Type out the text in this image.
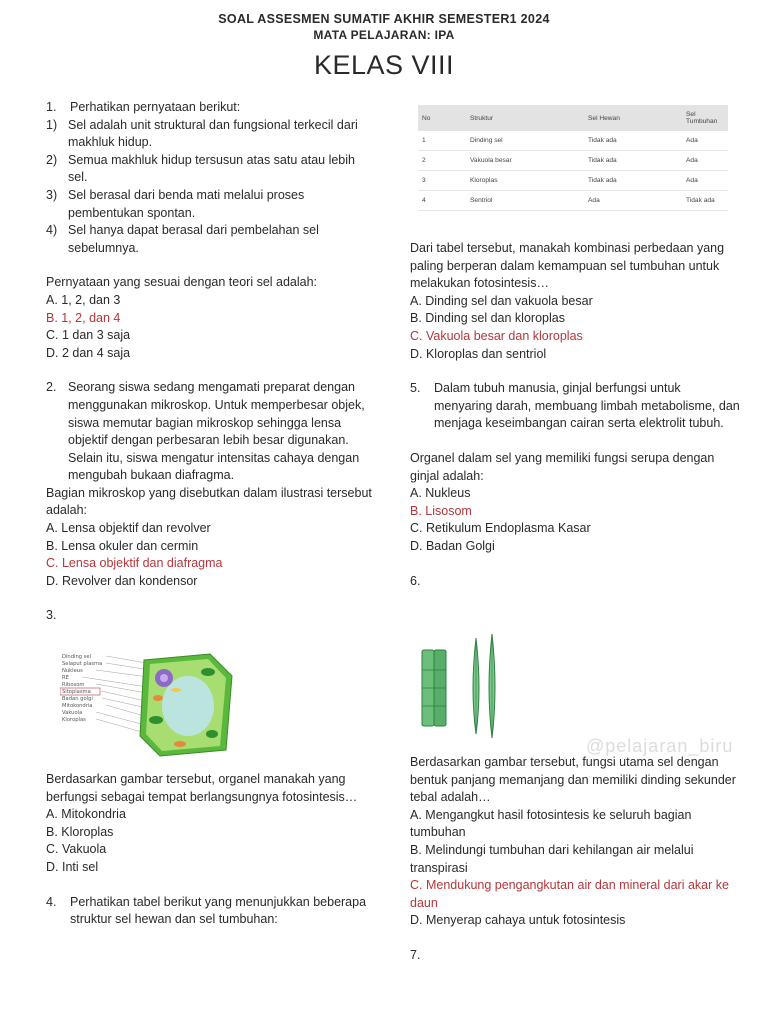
SOAL ASSESMEN SUMATIF AKHIR SEMESTER1 2024
MATA PELAJARAN: IPA
KELAS VIII
1.	Perhatikan pernyataan berikut:
1) Sel adalah unit struktural dan fungsional terkecil dari makhluk hidup.
2) Semua makhluk hidup tersusun atas satu atau lebih sel.
3) Sel berasal dari benda mati melalui proses pembentukan spontan.
4) Sel hanya dapat berasal dari pembelahan sel sebelumnya.

Pernyataan yang sesuai dengan teori sel adalah:

A. 1, 2, dan 3

B. 1, 2, dan 4

C. 1 dan 3 saja

D. 2 dan 4 saja

2. Seorang siswa sedang mengamati preparat dengan menggunakan mikroskop. Untuk memperbesar objek, siswa memutar bagian mikroskop sehingga lensa objektif dengan perbesaran lebih besar digunakan. Selain itu, siswa mengatur intensitas cahaya dengan mengubah bukaan diafragma.

Bagian mikroskop yang disebutkan dalam ilustrasi tersebut adalah:

A. Lensa objektif dan revolver

B. Lensa okuler dan cermin

C. Lensa objektif dan diafragma

D. Revolver dan kondensor

3.

Dinding sel
Selaput plasma
Nukleus
RE
Ribosom
Sitoplasma
Badan golgi
Mitokondria
Vakuola
Kloroplas

Berdasarkan gambar tersebut, organel manakah yang berfungsi sebagai tempat berlangsungnya fotosintesis…

A. Mitokondria

B. Kloroplas

C. Vakuola

D. Inti sel

4.	Perhatikan tabel berikut yang menunjukkan beberapa struktur sel hewan dan sel tumbuhan:
No	Struktur	Sel Hewan	Sel Tumbuhan
1	Dinding sel	Tidak ada	Ada
2	Vakuola besar	Tidak ada	Ada
3	Kloroplas	Tidak ada	Ada
4	Sentriol	Ada	Tidak ada

Dari tabel tersebut, manakah kombinasi perbedaan yang paling berperan dalam kemampuan sel tumbuhan untuk melakukan fotosintesis…

A. Dinding sel dan vakuola besar

B. Dinding sel dan kloroplas

C. Vakuola besar dan kloroplas

D. Kloroplas dan sentriol

5.	Dalam tubuh manusia, ginjal berfungsi untuk menyaring darah, membuang limbah metabolisme, dan menjaga keseimbangan cairan serta elektrolit tubuh.

Organel dalam sel yang memiliki fungsi serupa dengan ginjal adalah:

A. Nukleus

B. Lisosom

C. Retikulum Endoplasma Kasar

D. Badan Golgi

6.

@pelajaran_biru

Berdasarkan gambar tersebut, fungsi utama sel dengan bentuk panjang memanjang dan memiliki dinding sekunder tebal adalah…

A. Mengangkut hasil fotosintesis ke seluruh bagian tumbuhan

B. Melindungi tumbuhan dari kehilangan air melalui transpirasi

C. Mendukung pengangkutan air dan mineral dari akar ke daun

D. Menyerap cahaya untuk fotosintesis

7.
